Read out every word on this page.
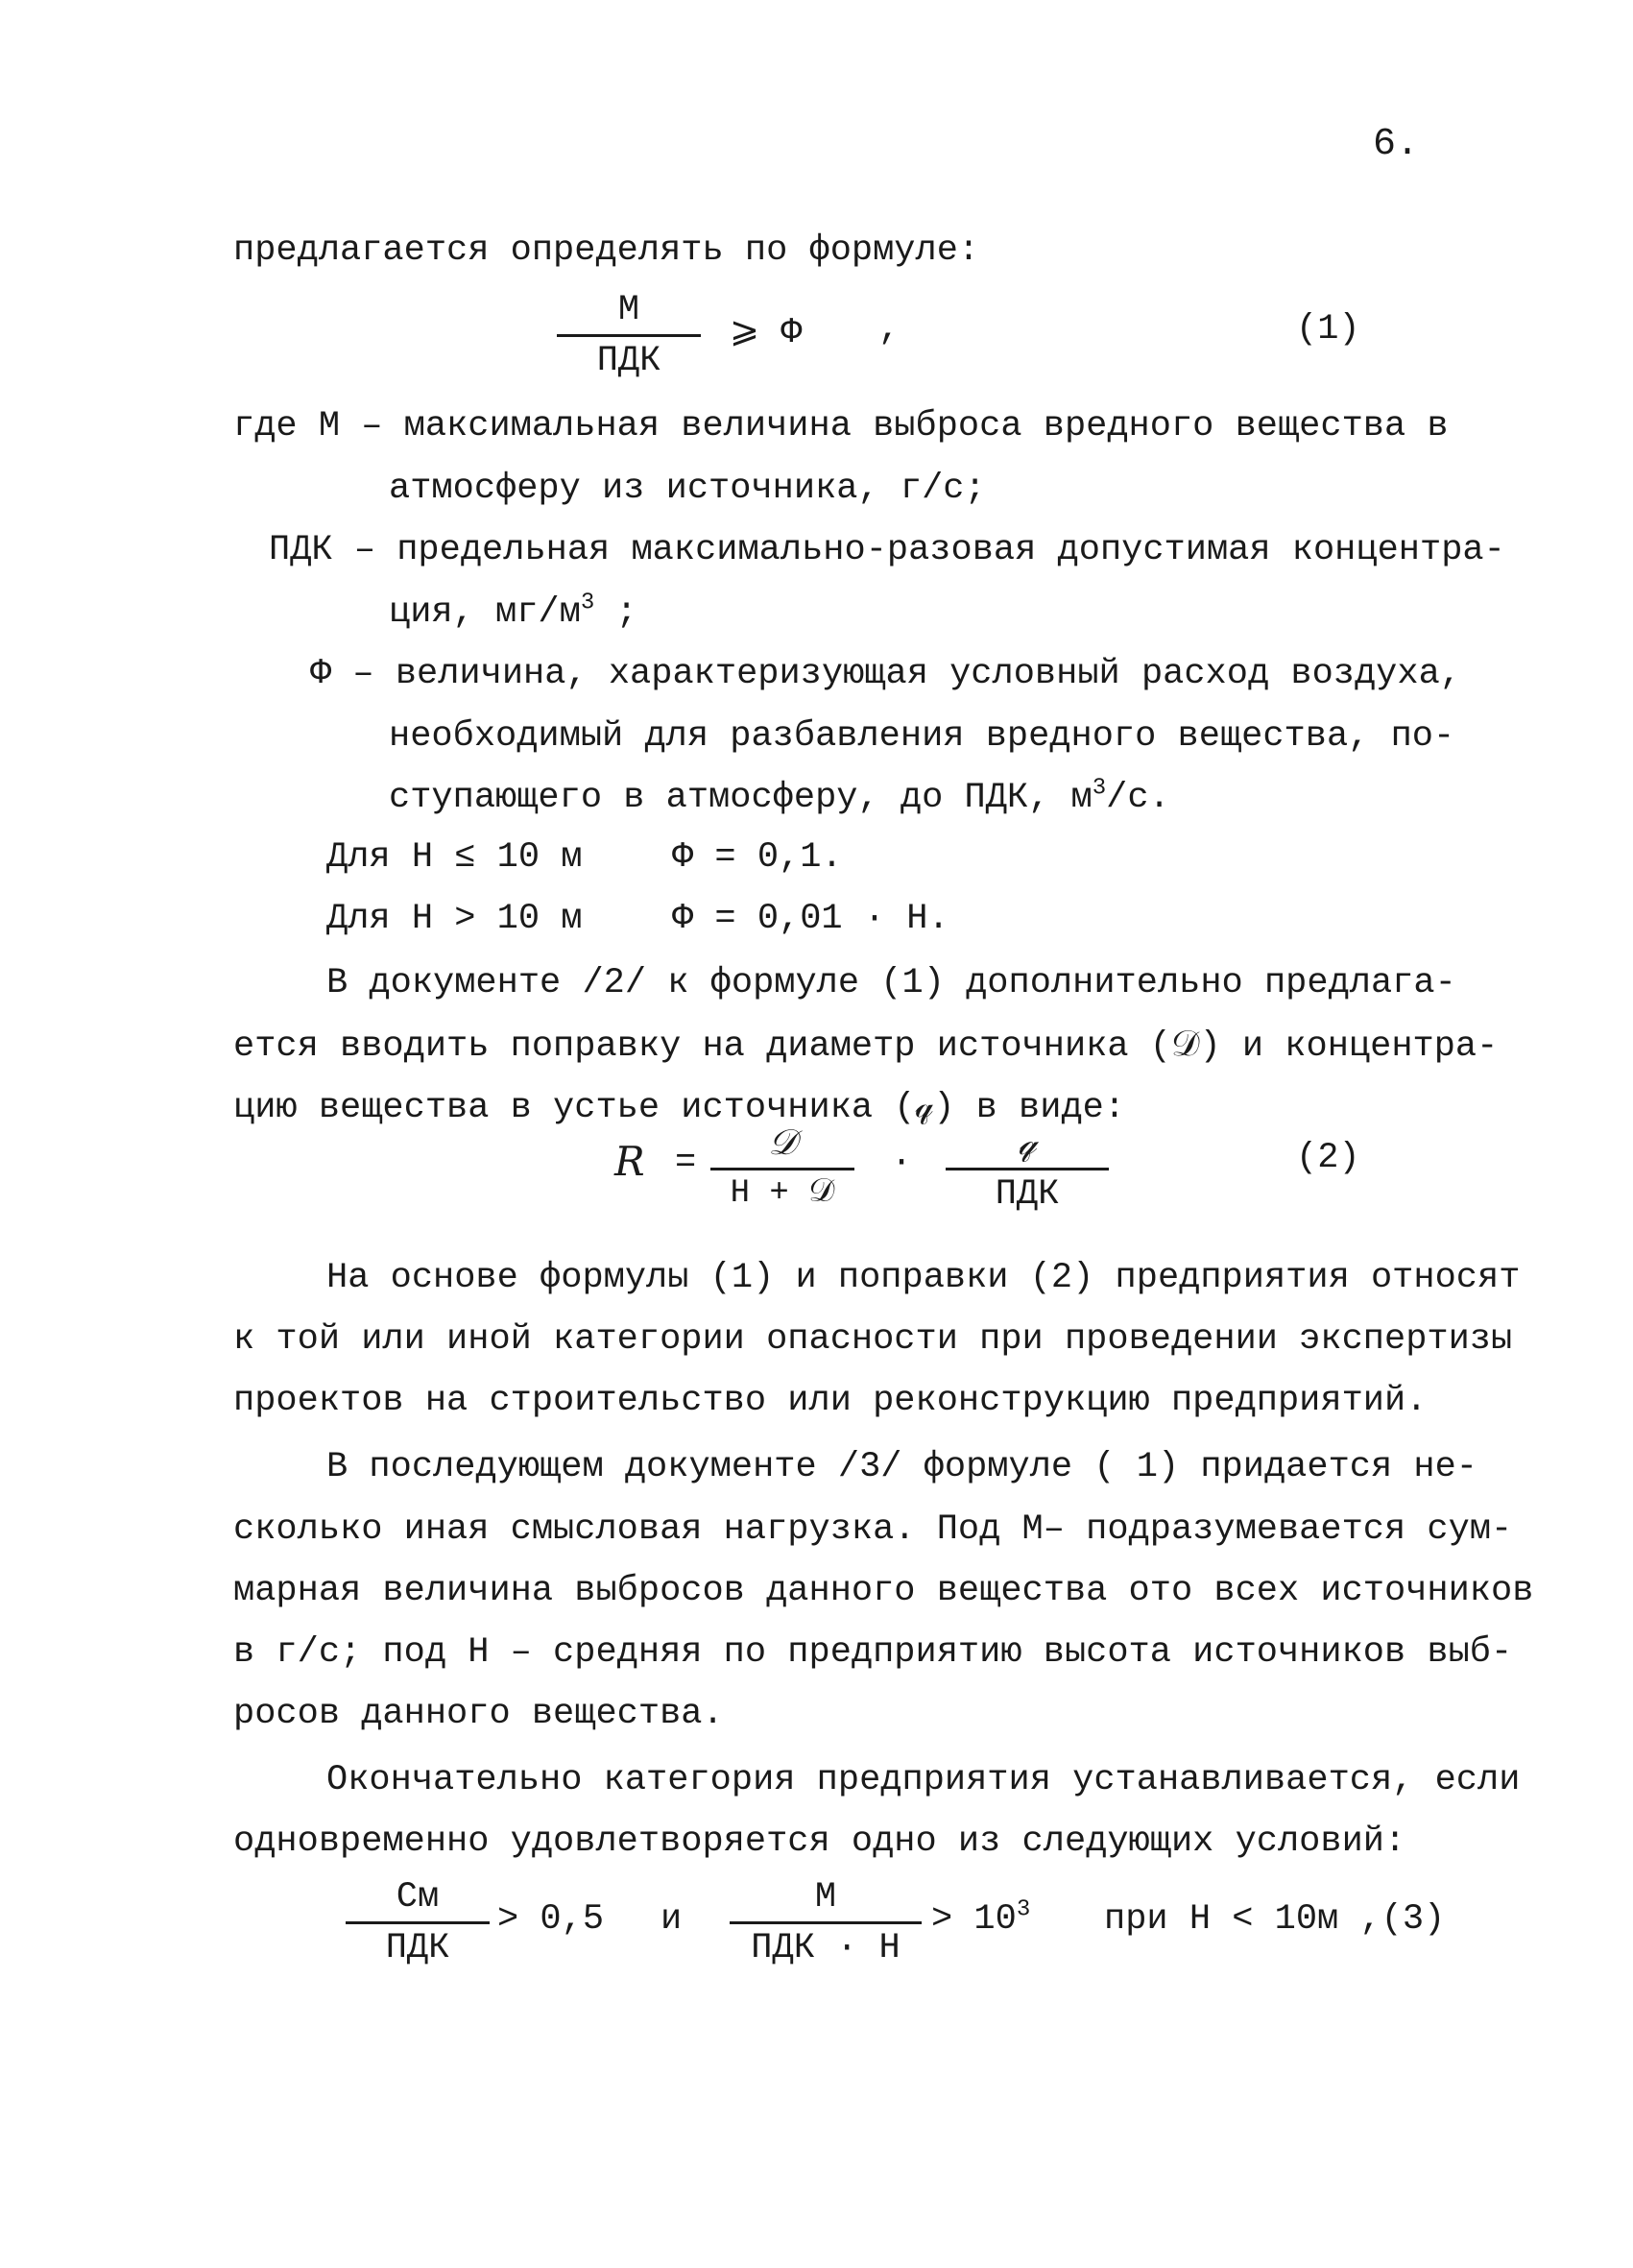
6.
предлагается определять по формуле:
М
ПДК
⩾ Ф ,	(1)
где М – максимальная величина выброса вредного вещества в
атмосферу из источника, г/с;
ПДК – предельная максимально-разовая допустимая концентра-
ция, $мг/м^3$ ;
Ф – величина, характеризующая условный расход воздуха,
необходимый для разбавления вредного вещества, по-
ступающего в атмосферу, до ПДК, $м^3/с$.
Для Н ≤ 10 м	Ф = 0,1.
Для Н > 10 м	Ф = 0,01 · Н.
В документе /2/ к формуле (1) дополнительно предлага-
ется вводить поправку на диаметр источника (𝒟) и концентра-
цию вещества в устье источника (𝓆) в виде:
R =	𝒟
Н + 𝒟
·	𝓆
ПДК
(2)
На основе формулы (1) и поправки (2) предприятия относят
к той или иной категории опасности при проведении экспертизы
проектов на строительство или реконструкцию предприятий.
В последующем документе /3/ формуле ( 1) придается не-
сколько иная смысловая нагрузка. Под М– подразумевается сум-
марная величина выбросов данного вещества ото всех источников
в г/с; под Н – средняя по предприятию высота источников выб-
росов данного вещества.
Окончательно категория предприятия устанавливается, если
одновременно удовлетворяется одно из следующих условий:
См
ПДК
> 0,5 и
М
ПДК · Н
> $10^3$ при Н < 10м ,(3)
